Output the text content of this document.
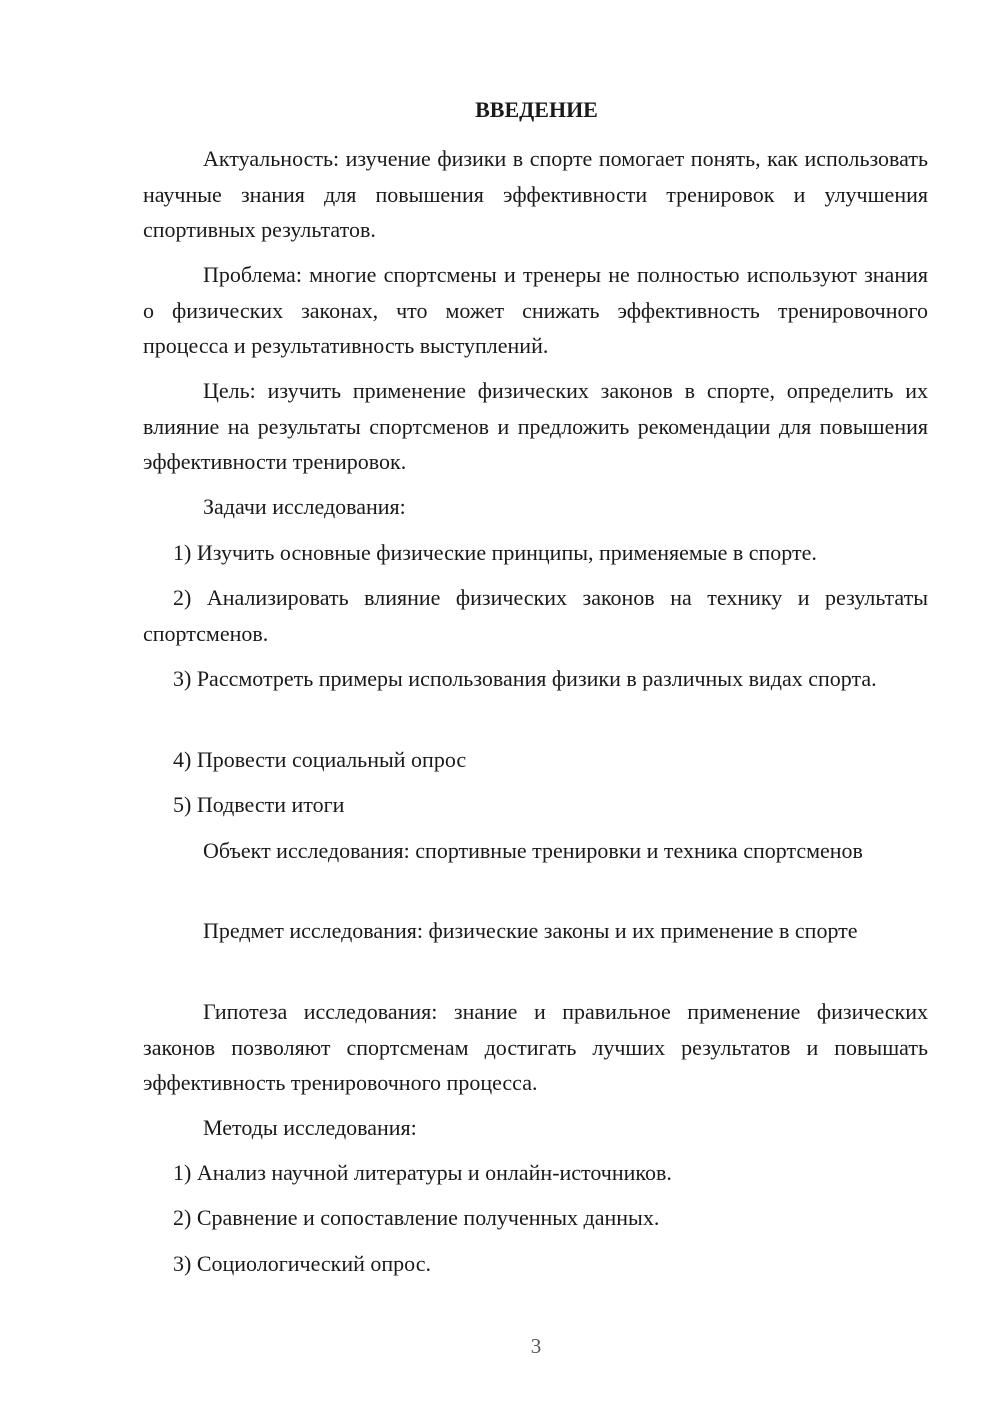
ВВЕДЕНИЕ

Актуальность: изучение физики в спорте помогает понять, как использовать научные знания для повышения эффективности тренировок и улучшения спортивных результатов.

Проблема: многие спортсмены и тренеры не полностью используют знания о физических законах, что может снижать эффективность тренировочного процесса и результативность выступлений.

Цель: изучить применение физических законов в спорте, определить их влияние на результаты спортсменов и предложить рекомендации для повышения эффективности тренировок.

Задачи исследования:

1) Изучить основные физические принципы, применяемые в спорте.

2) Анализировать влияние физических законов на технику и результаты спортсменов.

3) Рассмотреть примеры использования физики в различных видах спорта.

4) Провести социальный опрос

5) Подвести итоги

Объект исследования: спортивные тренировки и техника спортсменов

Предмет исследования: физические законы и их применение в спорте

Гипотеза исследования: знание и правильное применение физических законов позволяют спортсменам достигать лучших результатов и повышать эффективность тренировочного процесса.

Методы исследования:

1) Анализ научной литературы и онлайн-источников.

2) Сравнение и сопоставление полученных данных.

3) Социологический опрос.

3
